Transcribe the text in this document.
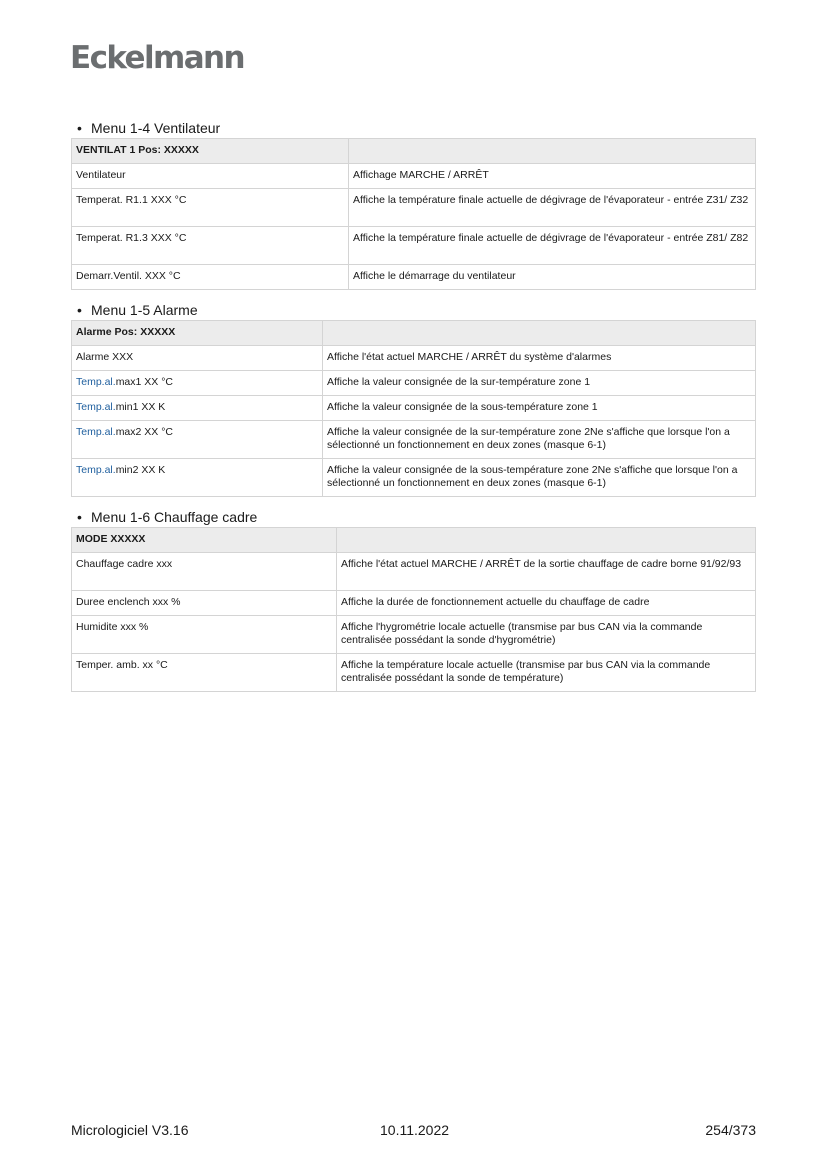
Eckelmann
• Menu 1-4 Ventilateur
VENTILAT 1 Pos: XXXXX	
Ventilateur	Affichage MARCHE / ARRÊT
Temperat. R1.1 XXX °C	Affiche la température finale actuelle de dégivrage de l'évaporateur - entrée Z31/ Z32
Temperat. R1.3 XXX °C	Affiche la température finale actuelle de dégivrage de l'évaporateur - entrée Z81/ Z82
Demarr.Ventil. XXX °C	Affiche le démarrage du ventilateur
• Menu 1-5 Alarme
Alarme Pos: XXXXX	
Alarme XXX	Affiche l'état actuel MARCHE / ARRÊT du système d'alarmes
Temp.al.max1 XX °C	Affiche la valeur consignée de la sur-température zone 1
Temp.al.min1 XX K	Affiche la valeur consignée de la sous-température zone 1
Temp.al.max2 XX °C	Affiche la valeur consignée de la sur-température zone 2Ne s'affiche que lorsque l'on a sélectionné un fonctionnement en deux zones (masque 6-1)
Temp.al.min2 XX K	Affiche la valeur consignée de la sous-température zone 2Ne s'affiche que lorsque l'on a sélectionné un fonctionnement en deux zones (masque 6-1)
• Menu 1-6 Chauffage cadre
MODE XXXXX	
Chauffage cadre xxx	Affiche l'état actuel MARCHE / ARRÊT de la sortie chauffage de cadre borne 91/92/93
Duree enclench xxx %	Affiche la durée de fonctionnement actuelle du chauffage de cadre
Humidite xxx %	Affiche l'hygrométrie locale actuelle (transmise par bus CAN via la commande centralisée possédant la sonde d'hygrométrie)
Temper. amb. xx °C	Affiche la température locale actuelle (transmise par bus CAN via la commande centralisée possédant la sonde de température)
Micrologiciel V3.16	10.11.2022	254/373
